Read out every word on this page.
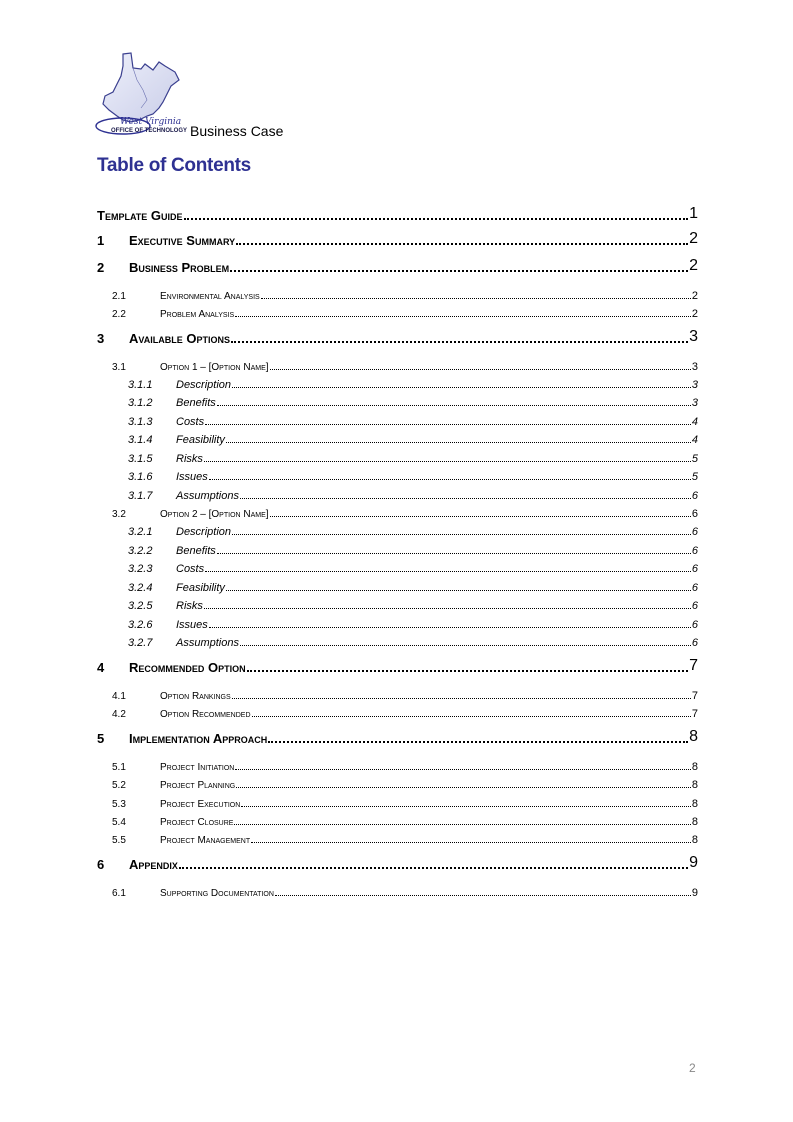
West Virginia
OFFICE OF TECHNOLOGY Business Case
Table of Contents
Template Guide	1
1	Executive Summary	2
2	Business Problem	2
2.1	Environmental Analysis	2
2.2	Problem Analysis	2
3	Available Options	3
3.1	Option 1 – [Option Name]	3
3.1.1	Description	3
3.1.2	Benefits	3
3.1.3	Costs	4
3.1.4	Feasibility	4
3.1.5	Risks	5
3.1.6	Issues	5
3.1.7	Assumptions	6
3.2	Option 2 – [Option Name]	6
3.2.1	Description	6
3.2.2	Benefits	6
3.2.3	Costs	6
3.2.4	Feasibility	6
3.2.5	Risks	6
3.2.6	Issues	6
3.2.7	Assumptions	6
4	Recommended Option	7
4.1	Option Rankings	7
4.2	Option Recommended	7
5	Implementation Approach	8
5.1	Project Initiation	8
5.2	Project Planning	8
5.3	Project Execution	8
5.4	Project Closure	8
5.5	Project Management	8
6	Appendix	9
6.1	Supporting Documentation	9
2
